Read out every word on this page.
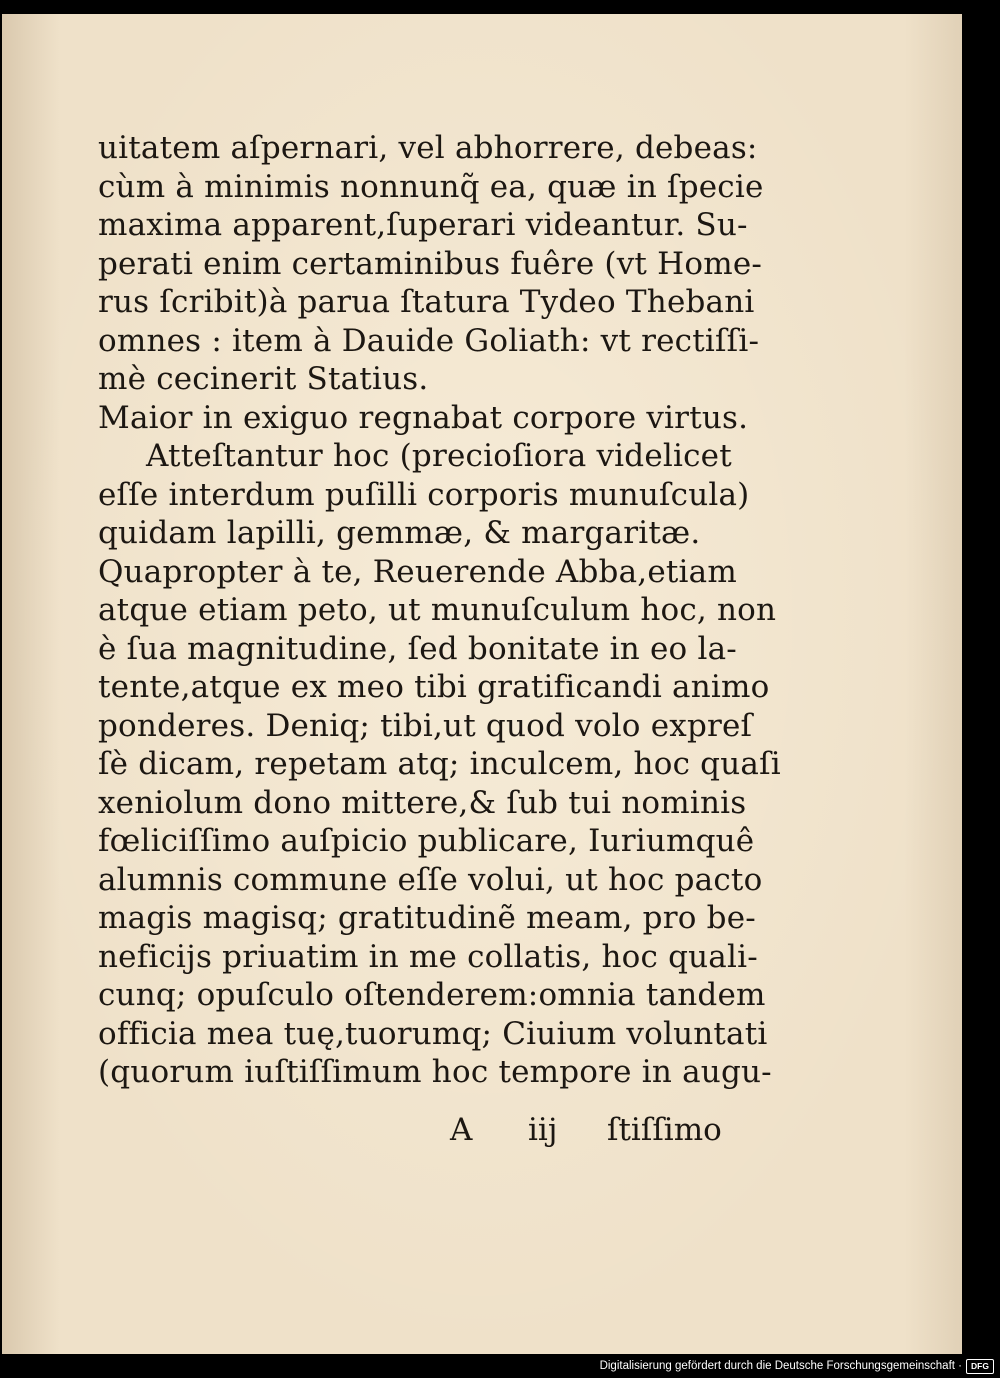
uitatem aſpernari, vel abhorrere, debeas:
cùm à minimis nonnunq̃ ea, quæ in ſpecie
maxima apparent,ſuperari videantur. Su-
perati enim certaminibus fuêre (vt Home-
rus ſcribit)à parua ſtatura Tydeo Thebani
omnes : item à Dauide Goliath: vt rectiſſi-
mè cecinerit Statius.
Maior in exiguo regnabat corpore virtus.
Atteſtantur hoc (precioſiora videlicet
eſſe interdum puſilli corporis munuſcula)
quidam lapilli, gemmæ, & margaritæ.
Quapropter à te, Reuerende Abba,etiam
atque etiam peto, ut munuſculum hoc, non
è ſua magnitudine, ſed bonitate in eo la-
tente,atque ex meo tibi gratificandi animo
ponderes. Deniq; tibi,ut quod volo expreſ
ſè dicam, repetam atq; inculcem, hoc quaſi
xeniolum dono mittere,& ſub tui nominis
fœliciſſimo auſpicio publicare, Iuriumquê
alumnis commune eſſe volui, ut hoc pacto
magis magisq; gratitudinẽ meam, pro be-
neficijs priuatim in me collatis, hoc quali-
cunq; opuſculo oſtenderem:omnia tandem
officia mea tuę,tuorumq; Ciuium voluntati
(quorum iuſtiſſimum hoc tempore in augu-
A iij ſtiſſimo
Digitalisierung gefördert durch die Deutsche Forschungsgemeinschaft ·	DFG
